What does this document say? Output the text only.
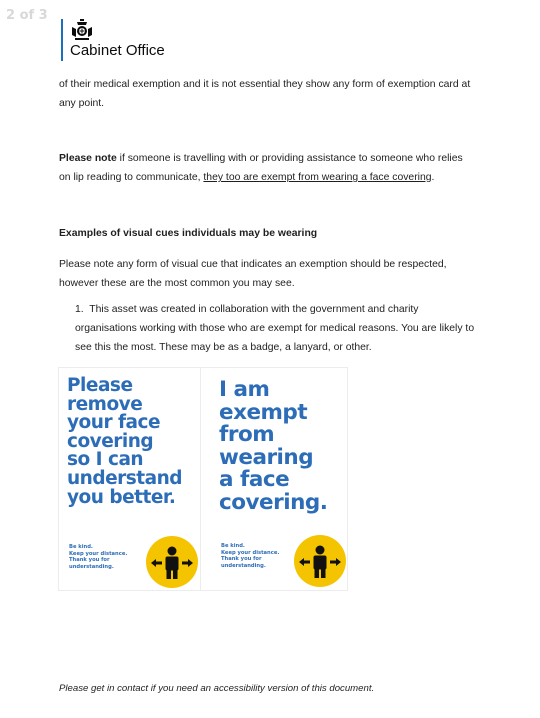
2 of 3
Cabinet Office
of their medical exemption and it is not essential they show any form of exemption card at any point.
Please note if someone is travelling with or providing assistance to someone who relies on lip reading to communicate, they too are exempt from wearing a face covering.
Examples of visual cues individuals may be wearing
Please note any form of visual cue that indicates an exemption should be respected, however these are the most common you may see.
1. This asset was created in collaboration with the government and charity organisations working with those who are exempt for medical reasons. You are likely to see this the most. These may be as a badge, a lanyard, or other.
Please
remove
your face
covering
so I can
understand
you better.
Be kind.
Keep your distance.
Thank you for
understanding.
I am
exempt
from
wearing
a face
covering.
Be kind.
Keep your distance.
Thank you for
understanding.
Please get in contact if you need an accessibility version of this document.
